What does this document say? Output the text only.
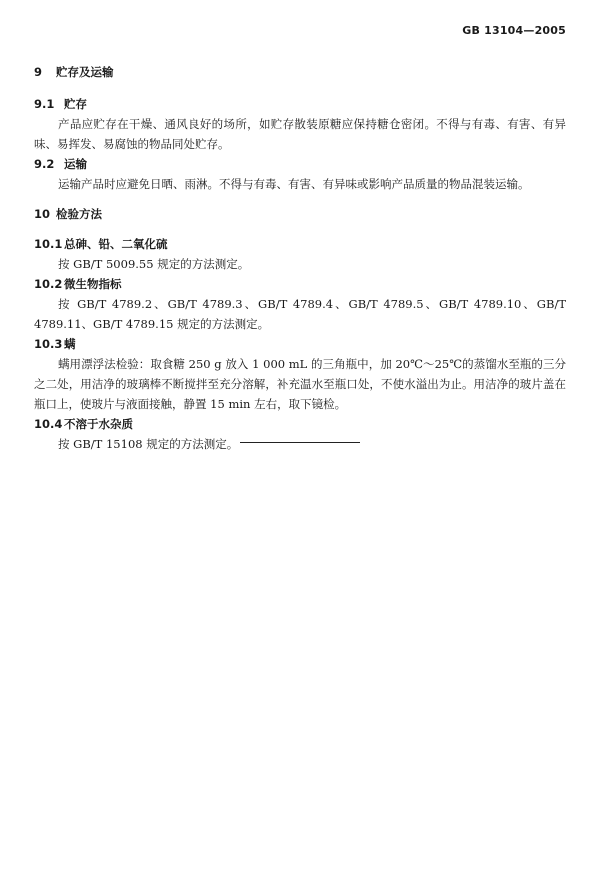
GB 13104—2005
9 贮存及运输
9.1 贮存

产品应贮存在干燥、通风良好的场所，如贮存散装原糖应保持糖仓密闭。不得与有毒、有害、有异味、易挥发、易腐蚀的物品同处贮存。

9.2 运输

运输产品时应避免日晒、雨淋。不得与有毒、有害、有异味或影响产品质量的物品混装运输。

10 检验方法
10.1 总砷、铅、二氧化硫

按 GB/T 5009.55 规定的方法测定。

10.2 微生物指标

按 GB/T 4789.2、GB/T 4789.3、GB/T 4789.4、GB/T 4789.5、GB/T 4789.10、GB/T 4789.11、GB/T 4789.15 规定的方法测定。

10.3 螨

螨用漂浮法检验：取食糖 250 g 放入 1 000 mL 的三角瓶中，加 20℃～25℃的蒸馏水至瓶的三分之二处，用洁净的玻璃棒不断搅拌至充分溶解，补充温水至瓶口处，不使水溢出为止。用洁净的玻片盖在瓶口上，使玻片与液面接触，静置 15 min 左右，取下镜检。

10.4 不溶于水杂质

按 GB/T 15108 规定的方法测定。
